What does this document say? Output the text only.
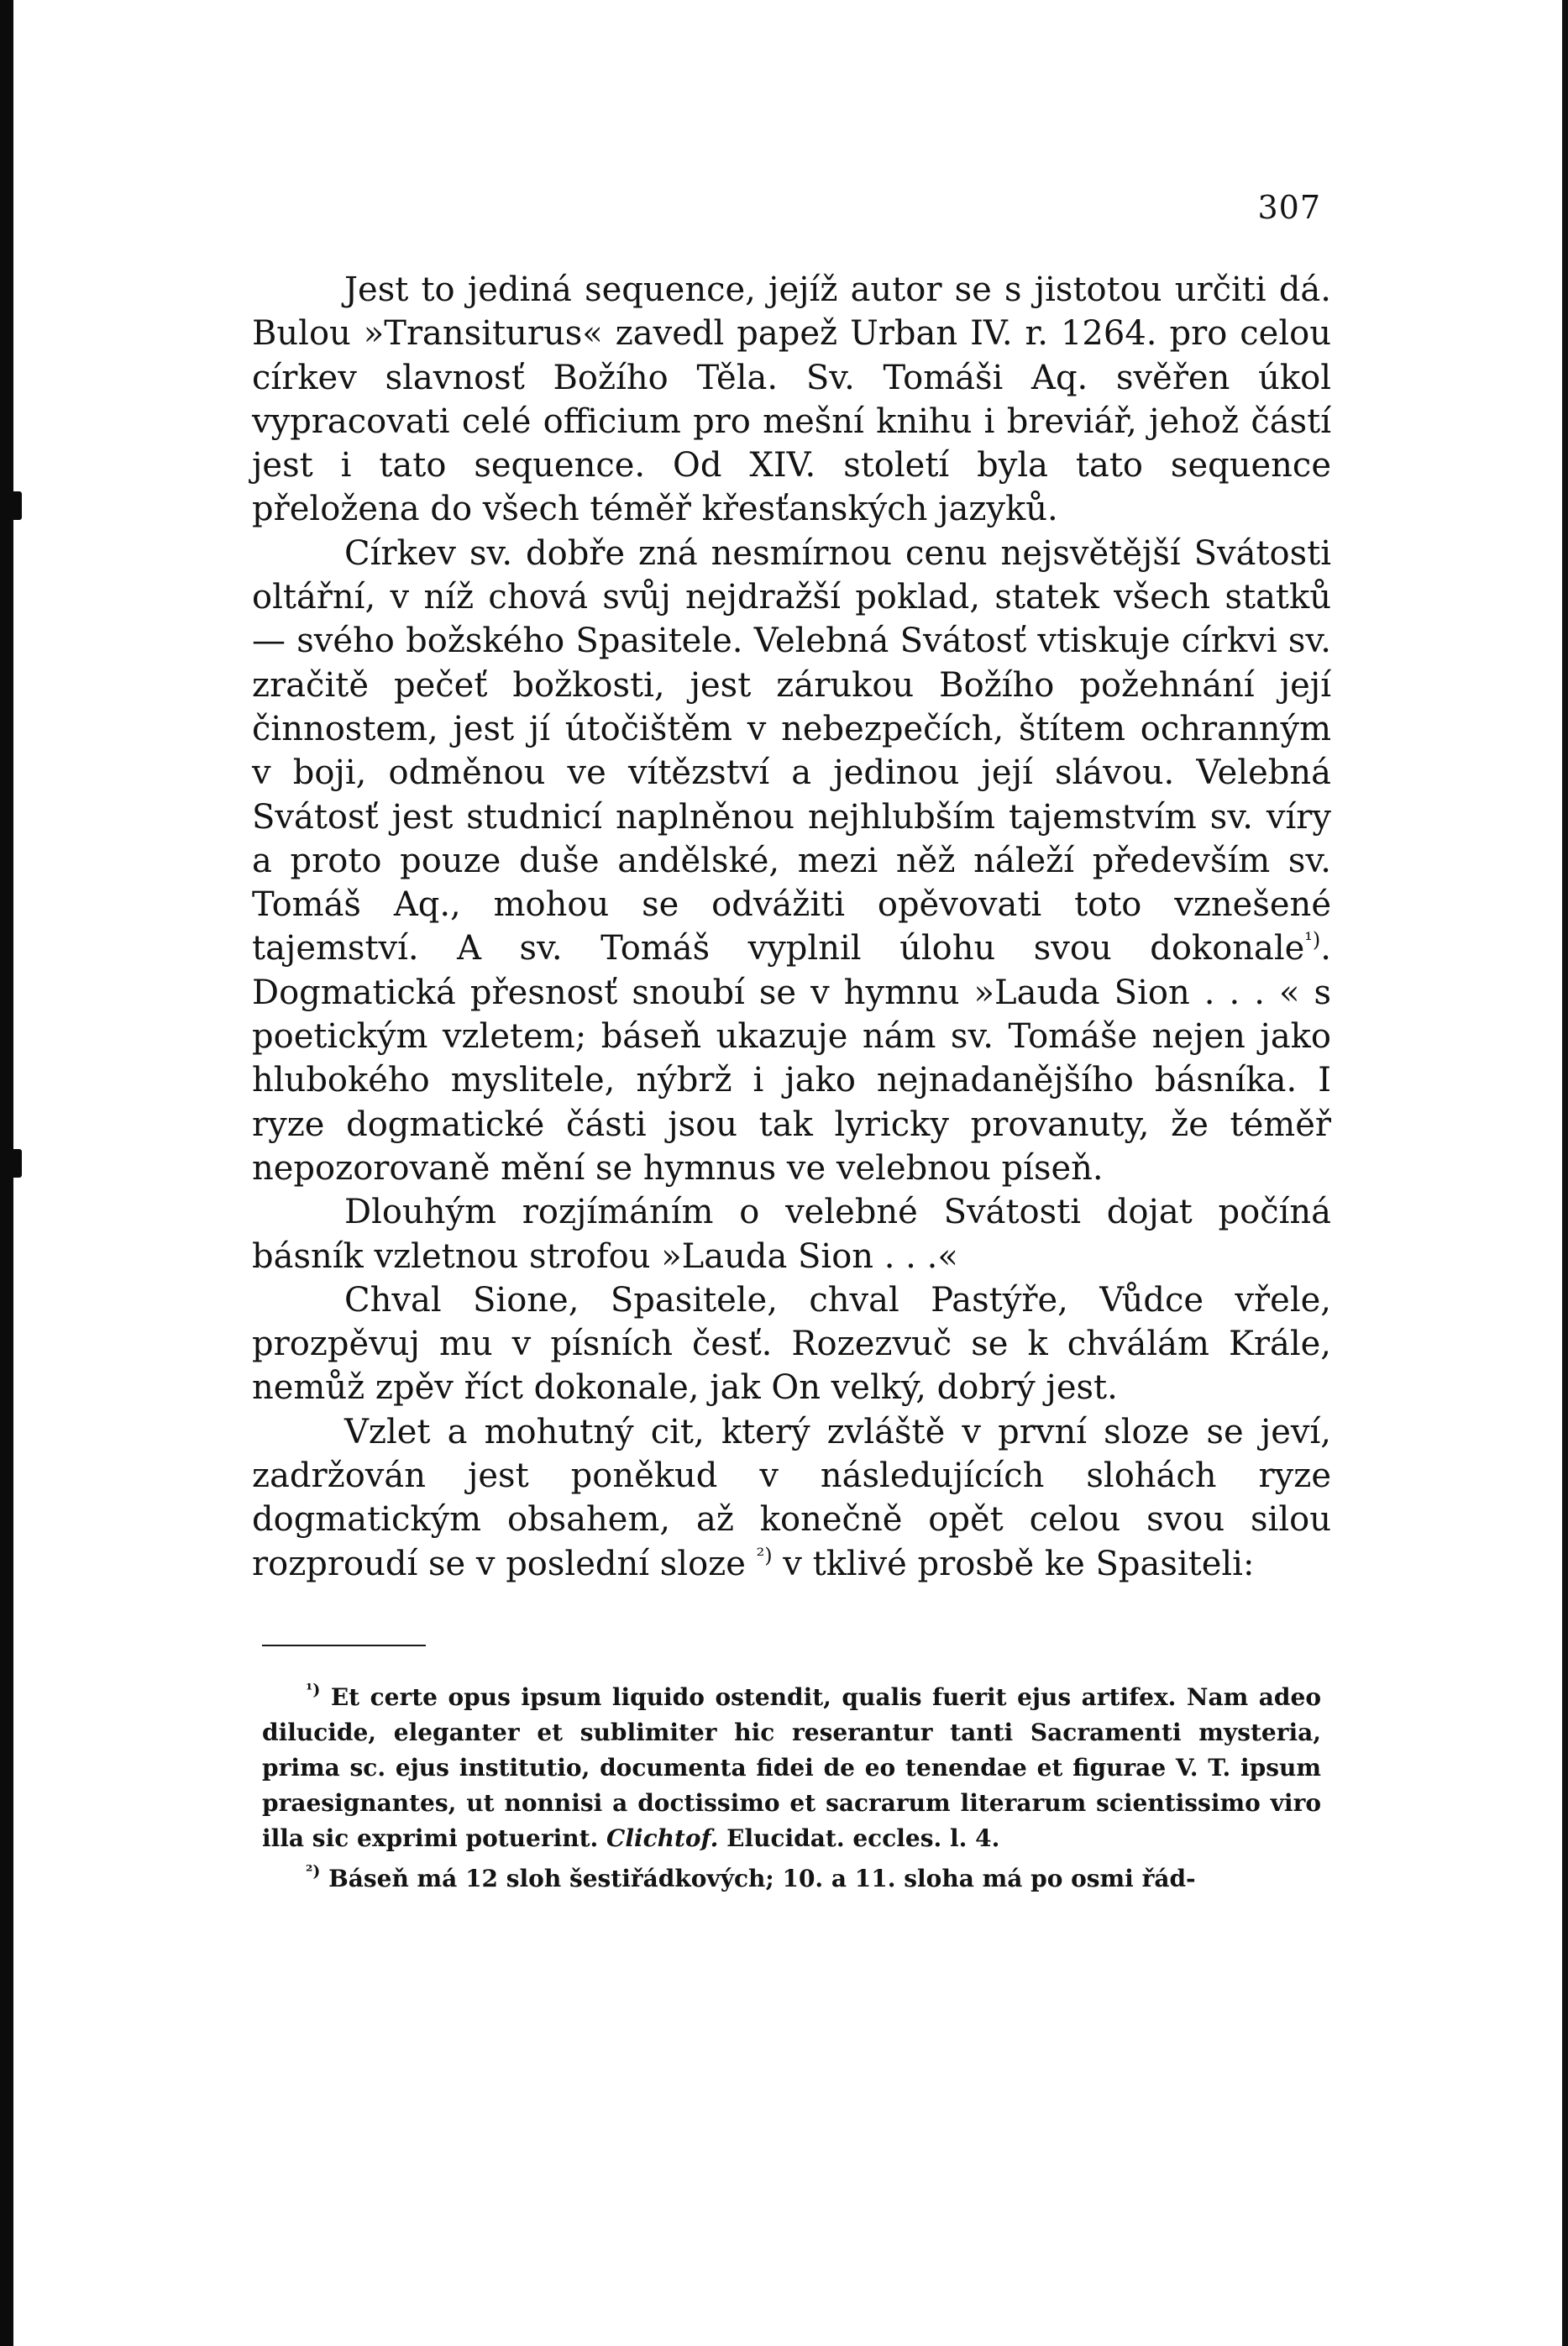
307

Jest to jediná sequence, jejíž autor se s jistotou určiti dá. Bulou »Transiturus« zavedl papež Urban IV. r. 1264. pro celou církev slavnosť Božího Těla. Sv. Tomáši Aq. svěřen úkol vypracovati celé officium pro mešní knihu i breviář, jehož částí jest i tato sequence. Od XIV. století byla tato sequence přeložena do všech téměř křesťanských jazyků.

Církev sv. dobře zná nesmírnou cenu nejsvětější Svátosti oltářní, v níž chová svůj nejdražší poklad, statek všech statků — svého božského Spasitele. Velebná Svátosť vtiskuje církvi sv. zračitě pečeť božkosti, jest zárukou Božího požehnání její činnostem, jest jí útočištěm v nebezpečích, štítem ochranným v boji, odměnou ve vítězství a jedinou její slávou. Velebná Svátosť jest studnicí naplněnou nejhlubším tajemstvím sv. víry a proto pouze duše andělské, mezi něž náleží především sv. Tomáš Aq., mohou se odvážiti opěvovati toto vznešené tajemství. A sv. Tomáš vyplnil úlohu svou dokonale$^{^1)}$. Dogmatická přesnosť snoubí se v hymnu »Lauda Sion . . . « s poetickým vzletem; báseň ukazuje nám sv. Tomáše nejen jako hlubokého myslitele, nýbrž i jako nejnadanějšího básníka. I ryze dogmatické části jsou tak lyricky provanuty, že téměř nepozorovaně mění se hymnus ve velebnou píseň.

Dlouhým rozjímáním o velebné Svátosti dojat počíná básník vzletnou strofou »Lauda Sion . . .«

Chval Sione, Spasitele, chval Pastýře, Vůdce vřele, prozpěvuj mu v písních česť. Rozezvuč se k chválám Krále, nemůž zpěv říct dokonale, jak On velký, dobrý jest.

Vzlet a mohutný cit, který zvláště v první sloze se jeví, zadržován jest poněkud v následujících slohách ryze dogmatickým obsahem, až konečně opět celou svou silou rozproudí se v poslední sloze $^{^2)}$ v tklivé prosbě ke Spasiteli:

$^{^1)}$ Et certe opus ipsum liquido ostendit, qualis fuerit ejus artifex. Nam adeo dilucide, eleganter et sublimiter hic reserantur tanti Sacramenti mysteria, prima sc. ejus institutio, documenta fidei de eo tenendae et figurae V. T. ipsum praesignantes, ut nonnisi a doctissimo et sacrarum literarum scientissimo viro illa sic exprimi potuerint. Clichtof. Elucidat. eccles. l. 4.

$^{^2)}$ Báseň má 12 sloh šestiřádkových; 10. a 11. sloha má po osmi řád-
